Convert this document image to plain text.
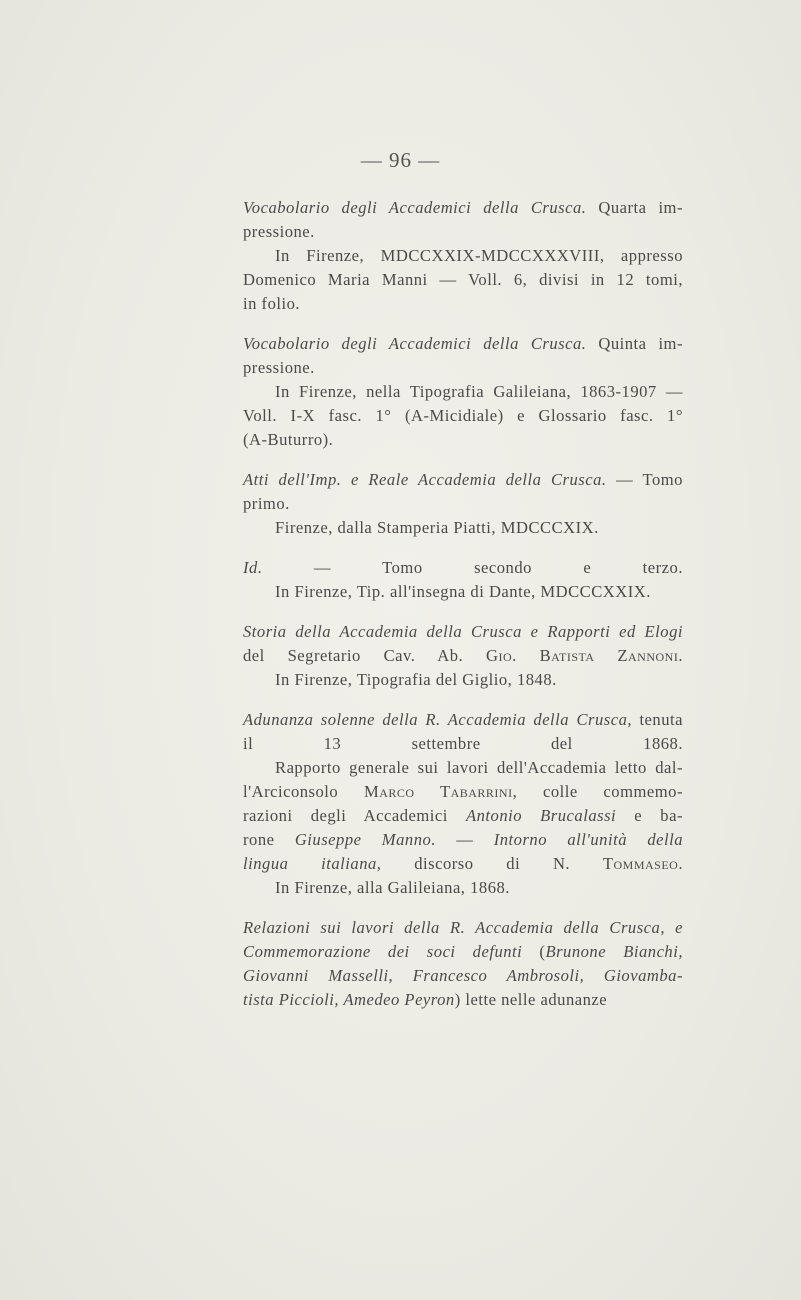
— 96 —
Vocabolario degli Accademici della Crusca. Quarta im-
pressione.
In Firenze, MDCCXXIX-MDCCXXXVIII, appresso
Domenico Maria Manni — Voll. 6, divisi in 12 tomi,
in folio.
Vocabolario degli Accademici della Crusca. Quinta im-
pressione.
In Firenze, nella Tipografia Galileiana, 1863-1907 —
Voll. I-X fasc. 1° (A-Micidiale) e Glossario fasc. 1°
(A-Buturro).
Atti dell'Imp. e Reale Accademia della Crusca. — Tomo
primo.
Firenze, dalla Stamperia Piatti, MDCCCXIX.
Id. — Tomo secondo e terzo.
In Firenze, Tip. all'insegna di Dante, MDCCCXXIX.
Storia della Accademia della Crusca e Rapporti ed Elogi
del Segretario Cav. Ab. Gio. Batista Zannoni.
In Firenze, Tipografia del Giglio, 1848.
Adunanza solenne della R. Accademia della Crusca, tenuta
il 13 settembre del 1868.
Rapporto generale sui lavori dell'Accademia letto dal-
l'Arciconsolo Marco Tabarrini, colle commemo-
razioni degli Accademici Antonio Brucalassi e ba-
rone Giuseppe Manno. — Intorno all'unità della
lingua italiana, discorso di N. Tommaseo.
In Firenze, alla Galileiana, 1868.
Relazioni sui lavori della R. Accademia della Crusca, e
Commemorazione dei soci defunti (Brunone Bianchi,
Giovanni Masselli, Francesco Ambrosoli, Giovamba-
tista Piccioli, Amedeo Peyron) lette nelle adunanze
